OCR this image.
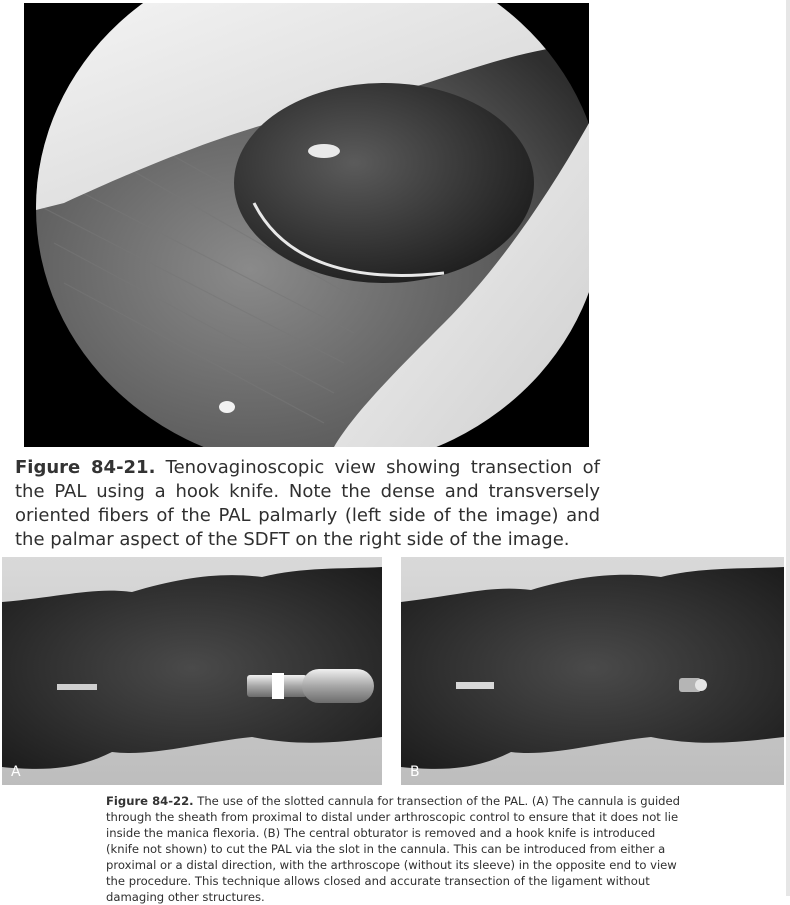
Figure 84-21. Tenovaginoscopic view showing transection of the PAL using a hook knife. Note the dense and transversely oriented fibers of the PAL palmarly (left side of the image) and the palmar aspect of the SDFT on the right side of the image.
A	B
Figure 84-22. The use of the slotted cannula for transection of the PAL. (A) The cannula is guided through the sheath from proximal to distal under arthroscopic control to ensure that it does not lie inside the manica flexoria. (B) The central obturator is removed and a hook knife is introduced (knife not shown) to cut the PAL via the slot in the cannula. This can be introduced from either a proximal or a distal direction, with the arthroscope (without its sleeve) in the opposite end to view the procedure. This technique allows closed and accurate transection of the ligament without damaging other structures.
